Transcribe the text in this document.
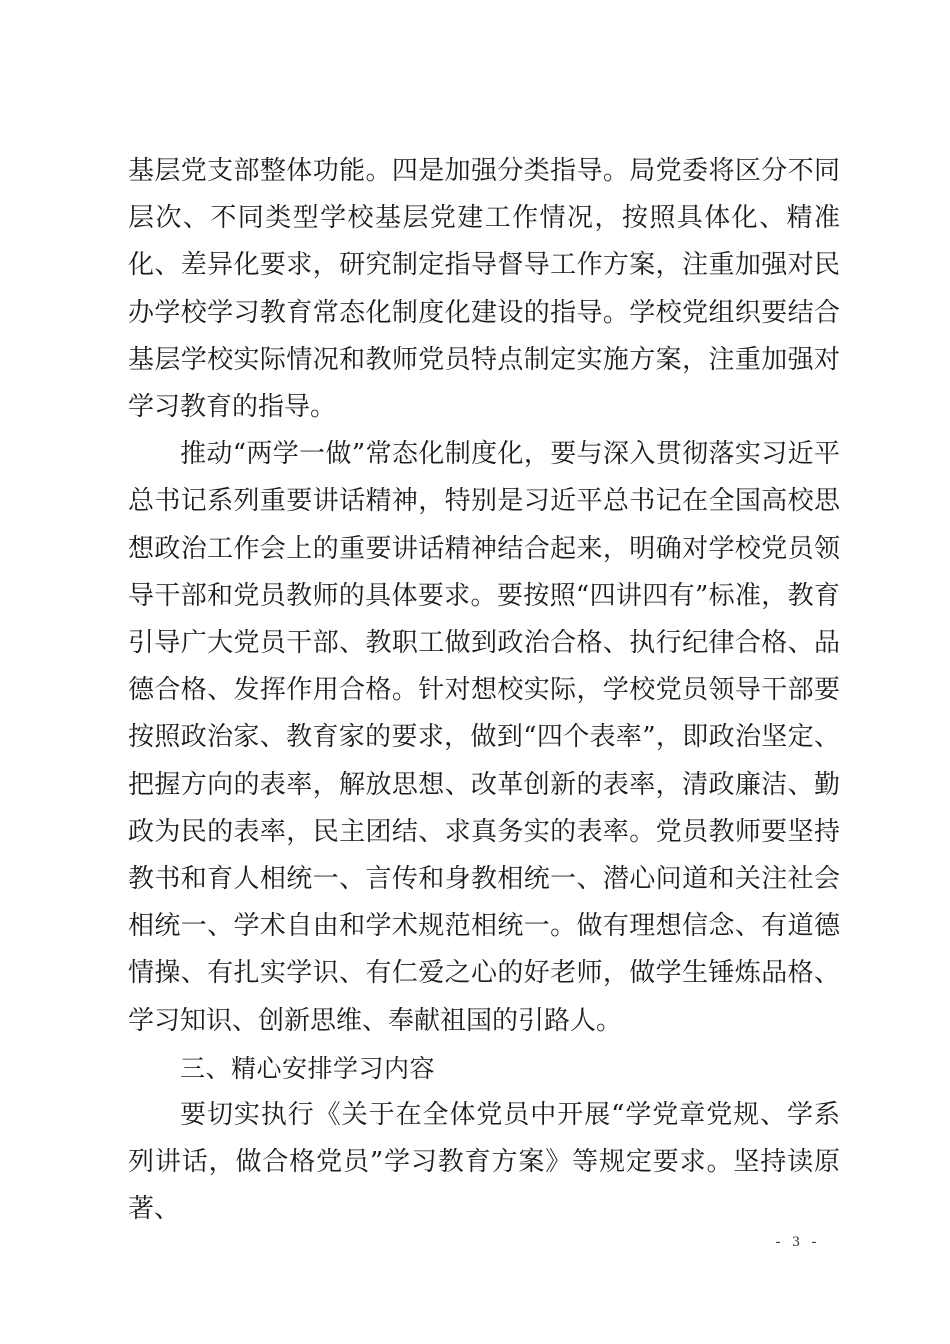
基层党支部整体功能。四是加强分类指导。局党委将区分不同层次、不同类型学校基层党建工作情况，按照具体化、精准化、差异化要求，研究制定指导督导工作方案，注重加强对民办学校学习教育常态化制度化建设的指导。学校党组织要结合基层学校实际情况和教师党员特点制定实施方案，注重加强对学习教育的指导。

推动“两学一做”常态化制度化，要与深入贯彻落实习近平总书记系列重要讲话精神，特别是习近平总书记在全国高校思想政治工作会上的重要讲话精神结合起来，明确对学校党员领导干部和党员教师的具体要求。要按照“四讲四有”标准，教育引导广大党员干部、教职工做到政治合格、执行纪律合格、品德合格、发挥作用合格。针对想校实际，学校党员领导干部要按照政治家、教育家的要求，做到“四个表率”，即政治坚定、把握方向的表率，解放思想、改革创新的表率，清政廉洁、勤政为民的表率，民主团结、求真务实的表率。党员教师要坚持教书和育人相统一、言传和身教相统一、潜心问道和关注社会相统一、学术自由和学术规范相统一。做有理想信念、有道德情操、有扎实学识、有仁爱之心的好老师，做学生锤炼品格、学习知识、创新思维、奉献祖国的引路人。

三、精心安排学习内容

要切实执行《关于在全体党员中开展“学党章党规、学系列讲话，做合格党员”学习教育方案》等规定要求。坚持读原著、

- 3 -
